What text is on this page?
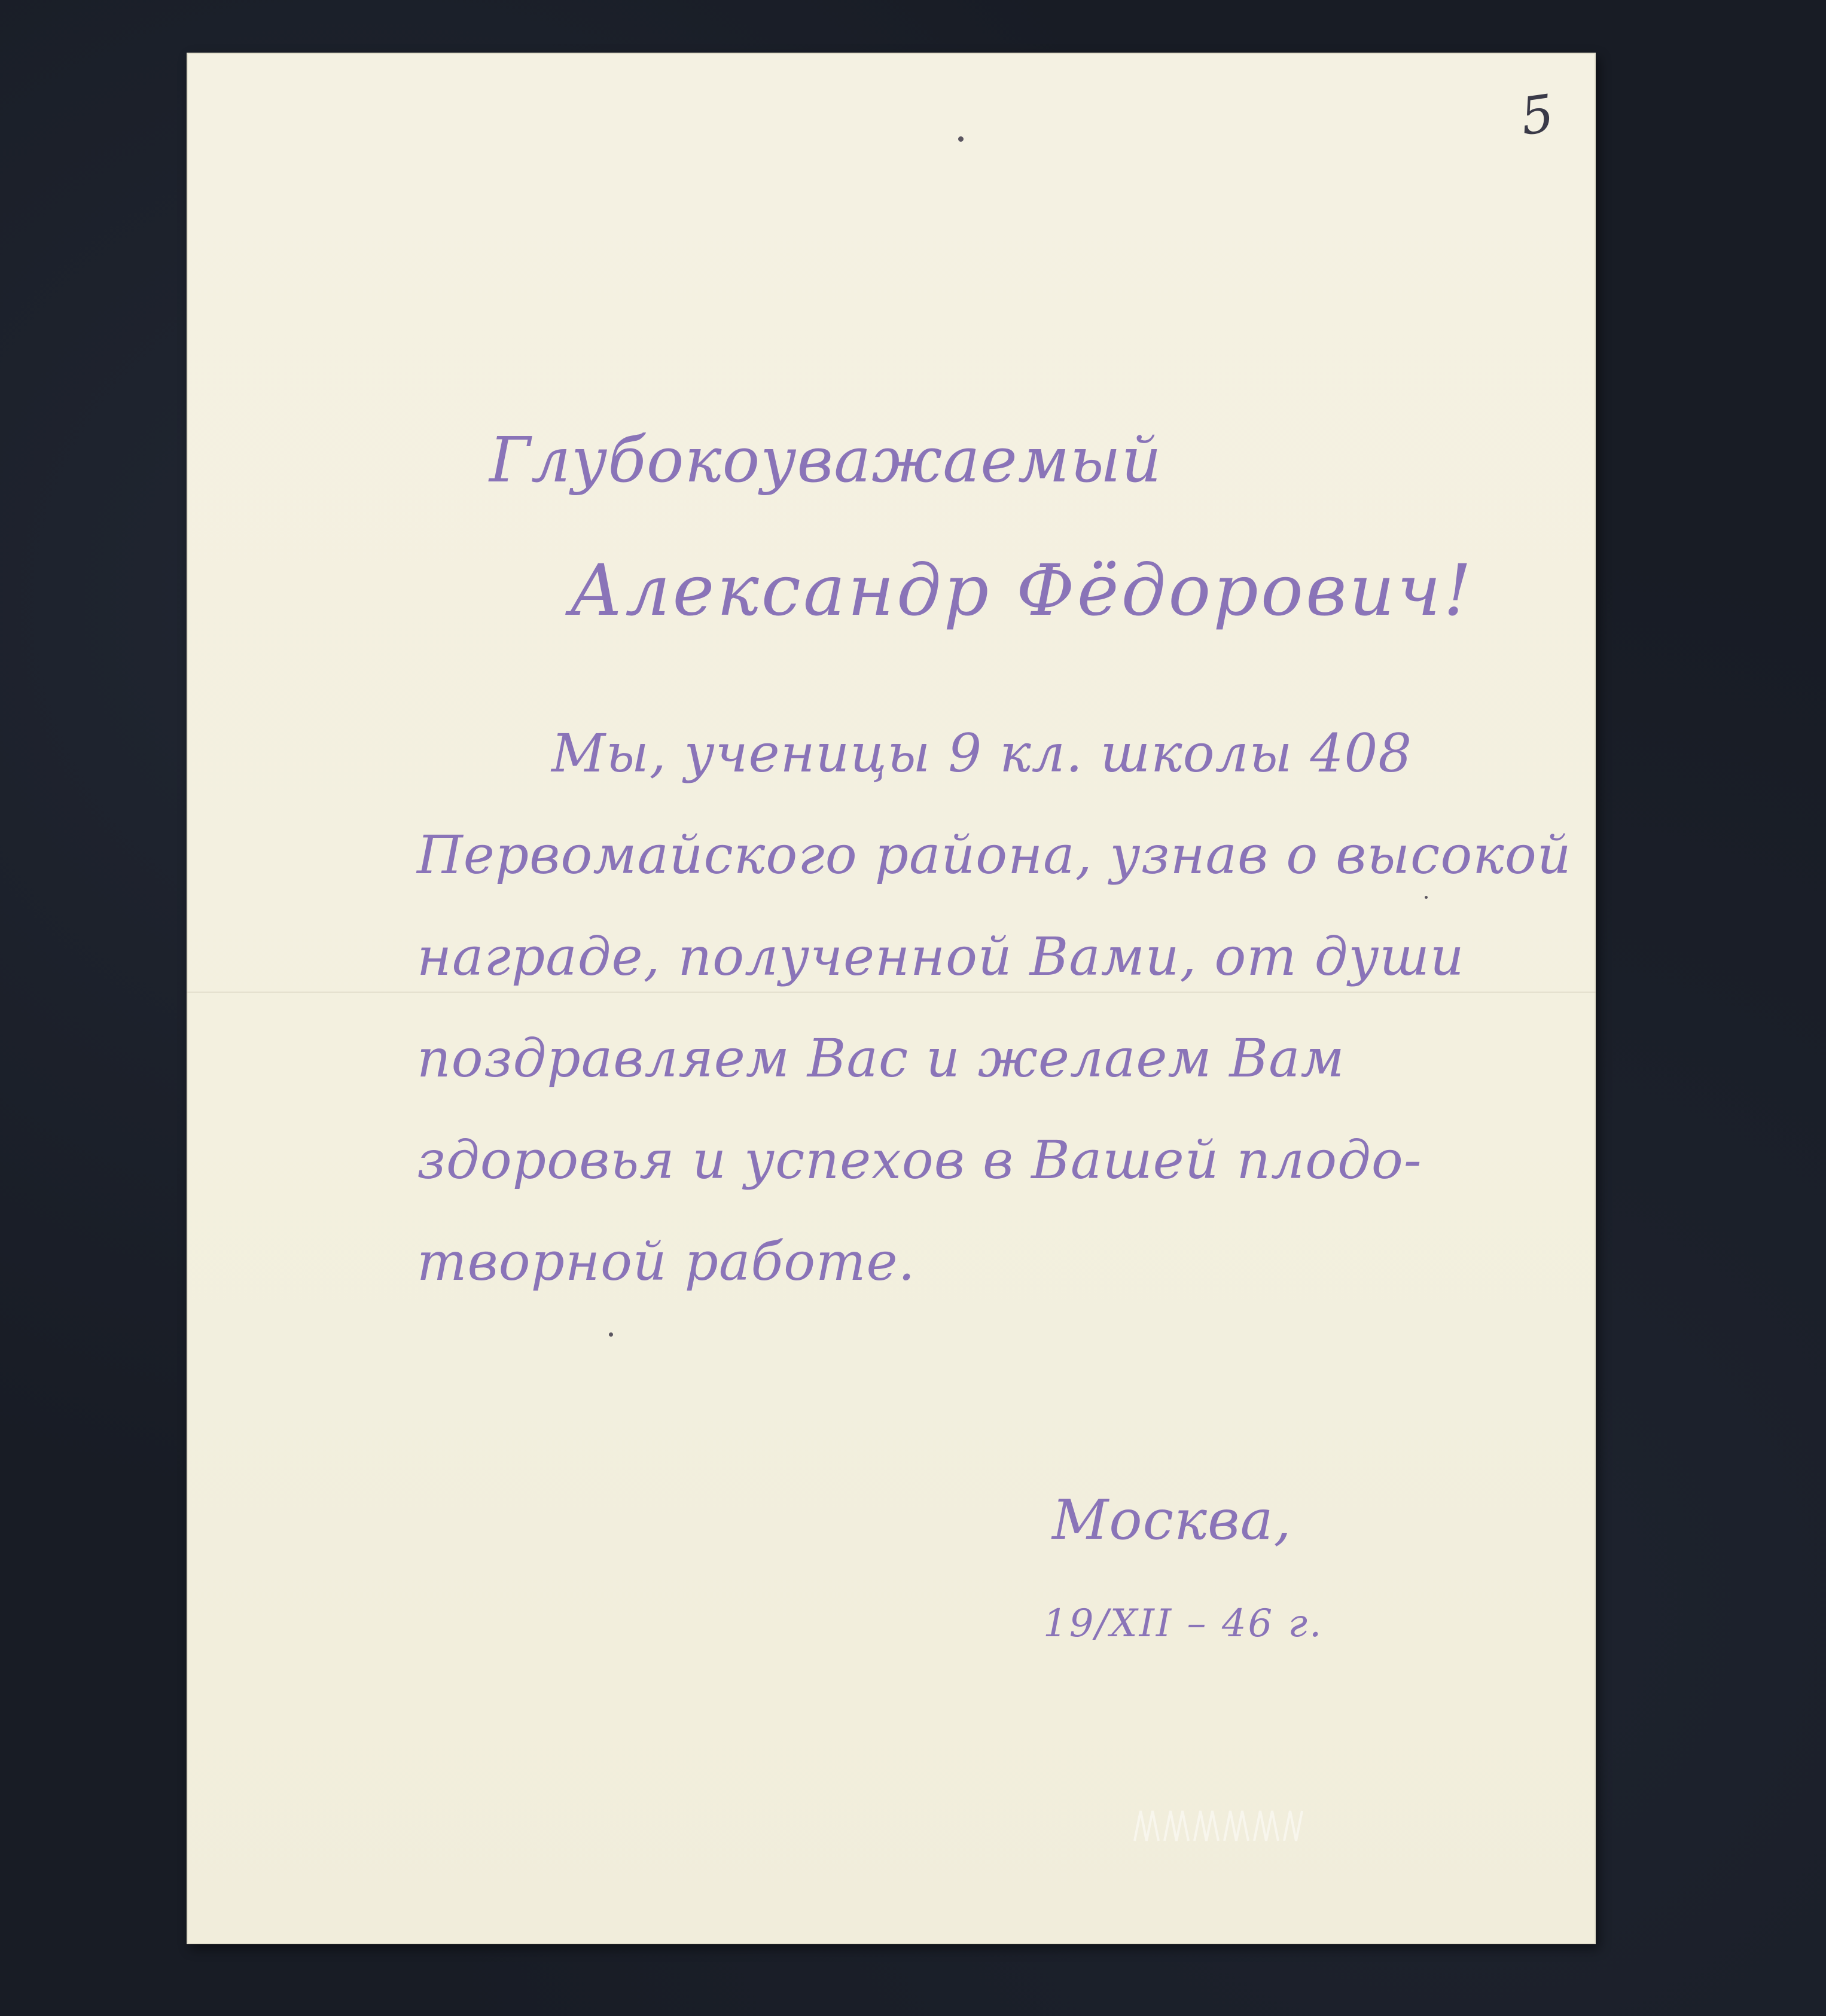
5
Глубокоуважаемый
Александр Фёдорович!
Мы, ученицы 9 кл. школы 408
Первомайского района, узнав о высокой
награде, полученной Вами, от души
поздравляем Вас и желаем Вам
здоровья и успехов в Вашей плодо-
творной работе.
Москва,
19/XII – 46 г.
